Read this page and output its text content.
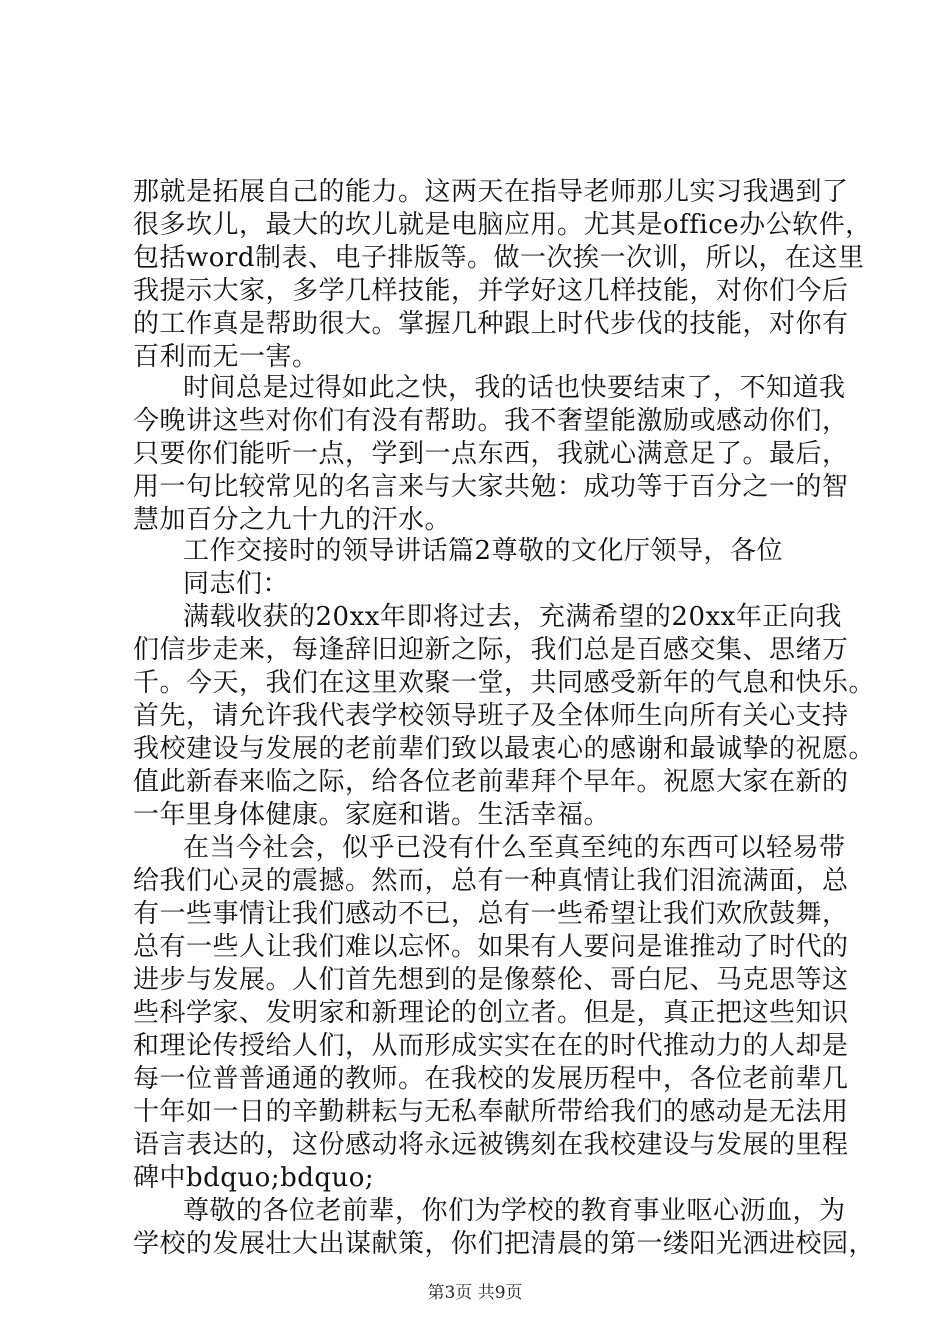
那就是拓展自己的能力。这两天在指导老师那儿实习我遇到了
很多坎儿，最大的坎儿就是电脑应用。尤其是office办公软件，
包括word制表、电子排版等。做一次挨一次训，所以，在这里
我提示大家，多学几样技能，并学好这几样技能，对你们今后
的工作真是帮助很大。掌握几种跟上时代步伐的技能，对你有
百利而无一害。
时间总是过得如此之快，我的话也快要结束了，不知道我
今晚讲这些对你们有没有帮助。我不奢望能激励或感动你们，
只要你们能听一点，学到一点东西，我就心满意足了。最后，
用一句比较常见的名言来与大家共勉：成功等于百分之一的智
慧加百分之九十九的汗水。
工作交接时的领导讲话篇2尊敬的文化厅领导，各位
同志们：
满载收获的20xx年即将过去，充满希望的20xx年正向我
们信步走来，每逢辞旧迎新之际，我们总是百感交集、思绪万
千。今天，我们在这里欢聚一堂，共同感受新年的气息和快乐。
首先，请允许我代表学校领导班子及全体师生向所有关心支持
我校建设与发展的老前辈们致以最衷心的感谢和最诚挚的祝愿。
值此新春来临之际，给各位老前辈拜个早年。祝愿大家在新的
一年里身体健康。家庭和谐。生活幸福。
在当今社会，似乎已没有什么至真至纯的东西可以轻易带
给我们心灵的震撼。然而，总有一种真情让我们泪流满面，总
有一些事情让我们感动不已，总有一些希望让我们欢欣鼓舞，
总有一些人让我们难以忘怀。如果有人要问是谁推动了时代的
进步与发展。人们首先想到的是像蔡伦、哥白尼、马克思等这
些科学家、发明家和新理论的创立者。但是，真正把这些知识
和理论传授给人们，从而形成实实在在的时代推动力的人却是
每一位普普通通的教师。在我校的发展历程中，各位老前辈几
十年如一日的辛勤耕耘与无私奉献所带给我们的感动是无法用
语言表达的，这份感动将永远被镌刻在我校建设与发展的里程
碑中bdquo;bdquo;
尊敬的各位老前辈，你们为学校的教育事业呕心沥血，为
学校的发展壮大出谋献策，你们把清晨的第一缕阳光洒进校园，
第3页 共9页
